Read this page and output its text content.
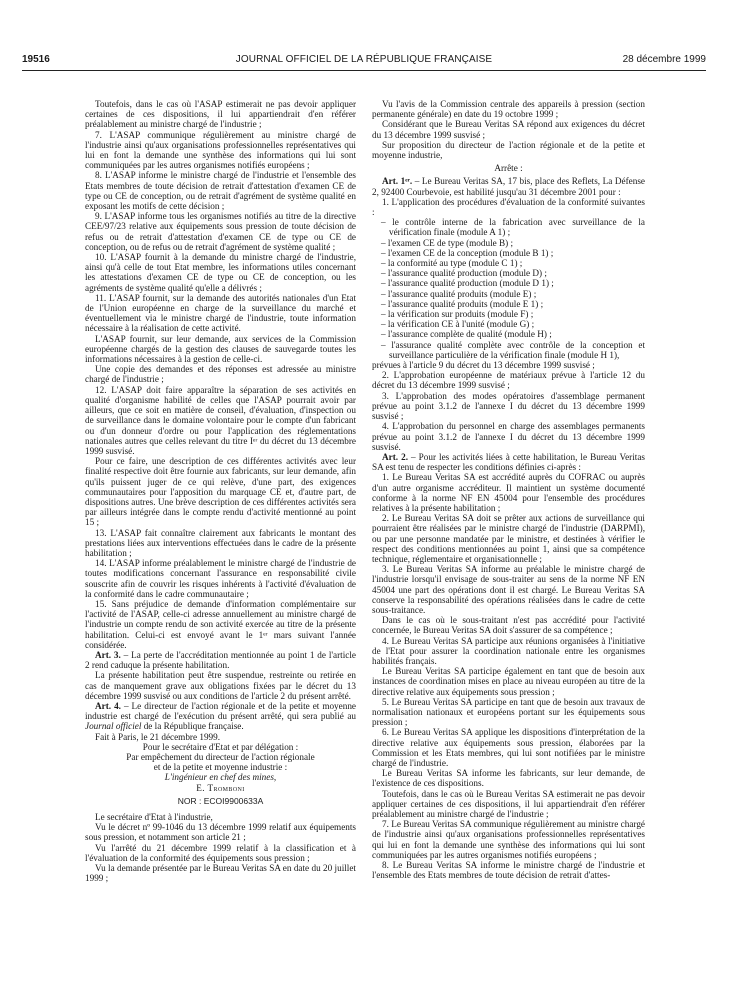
19516	JOURNAL OFFICIEL DE LA RÉPUBLIQUE FRANÇAISE	28 décembre 1999

Toutefois, dans le cas où l'ASAP estimerait ne pas devoir appliquer certaines de ces dispositions, il lui appartiendrait d'en référer préalablement au ministre chargé de l'industrie ;

7. L'ASAP communique régulièrement au ministre chargé de l'industrie ainsi qu'aux organisations professionnelles représentatives qui lui en font la demande une synthèse des informations qui lui sont communiquées par les autres organismes notifiés européens ;

8. L'ASAP informe le ministre chargé de l'industrie et l'ensemble des Etats membres de toute décision de retrait d'attestation d'examen CE de type ou CE de conception, ou de retrait d'agrément de système qualité en exposant les motifs de cette décision ;

9. L'ASAP informe tous les organismes notifiés au titre de la directive CEE/97/23 relative aux équipements sous pression de toute décision de refus ou de retrait d'attestation d'examen CE de type ou CE de conception, ou de refus ou de retrait d'agrément de système qualité ;

10. L'ASAP fournit à la demande du ministre chargé de l'industrie, ainsi qu'à celle de tout Etat membre, les informations utiles concernant les attestations d'examen CE de type ou CE de conception, ou les agréments de système qualité qu'elle a délivrés ;

11. L'ASAP fournit, sur la demande des autorités nationales d'un Etat de l'Union européenne en charge de la surveillance du marché et éventuellement via le ministre chargé de l'industrie, toute information nécessaire à la réalisation de cette activité.

L'ASAP fournit, sur leur demande, aux services de la Commission européenne chargés de la gestion des clauses de sauvegarde toutes les informations nécessaires à la gestion de celle-ci.

Une copie des demandes et des réponses est adressée au ministre chargé de l'industrie ;

12. L'ASAP doit faire apparaître la séparation de ses activités en qualité d'organisme habilité de celles que l'ASAP pourrait avoir par ailleurs, que ce soit en matière de conseil, d'évaluation, d'inspection ou de surveillance dans le domaine volontaire pour le compte d'un fabricant ou d'un donneur d'ordre ou pour l'application des réglementations nationales autres que celles relevant du titre Iᵉʳ du décret du 13 décembre 1999 susvisé.

Pour ce faire, une description de ces différentes activités avec leur finalité respective doit être fournie aux fabricants, sur leur demande, afin qu'ils puissent juger de ce qui relève, d'une part, des exigences communautaires pour l'apposition du marquage CE et, d'autre part, de dispositions autres. Une brève description de ces différentes activités sera par ailleurs intégrée dans le compte rendu d'activité mentionné au point 15 ;

13. L'ASAP fait connaître clairement aux fabricants le montant des prestations liées aux interventions effectuées dans le cadre de la présente habilitation ;

14. L'ASAP informe préalablement le ministre chargé de l'industrie de toutes modifications concernant l'assurance en responsabilité civile souscrite afin de couvrir les risques inhérents à l'activité d'évaluation de la conformité dans le cadre communautaire ;

15. Sans préjudice de demande d'information complémentaire sur l'activité de l'ASAP, celle-ci adresse annuellement au ministre chargé de l'industrie un compte rendu de son activité exercée au titre de la présente habilitation. Celui-ci est envoyé avant le 1ᵉʳ mars suivant l'année considérée.

Art. 3. – La perte de l'accréditation mentionnée au point 1 de l'article 2 rend caduque la présente habilitation.

La présente habilitation peut être suspendue, restreinte ou retirée en cas de manquement grave aux obligations fixées par le décret du 13 décembre 1999 susvisé ou aux conditions de l'article 2 du présent arrêté.

Art. 4. – Le directeur de l'action régionale et de la petite et moyenne industrie est chargé de l'exécution du présent arrêté, qui sera publié au Journal officiel de la République française.

Fait à Paris, le 21 décembre 1999.

Pour le secrétaire d'Etat et par délégation :

Par empêchement du directeur de l'action régionale

et de la petite et moyenne industrie :

L'ingénieur en chef des mines,

E. Tromboni

NOR : ECOI9900633A

Le secrétaire d'Etat à l'industrie,

Vu le décret nº 99-1046 du 13 décembre 1999 relatif aux équipements sous pression, et notamment son article 21 ;

Vu l'arrêté du 21 décembre 1999 relatif à la classification et à l'évaluation de la conformité des équipements sous pression ;

Vu la demande présentée par le Bureau Veritas SA en date du 20 juillet 1999 ;

Vu l'avis de la Commission centrale des appareils à pression (section permanente générale) en date du 19 octobre 1999 ;

Considérant que le Bureau Veritas SA répond aux exigences du décret du 13 décembre 1999 susvisé ;

Sur proposition du directeur de l'action régionale et de la petite et moyenne industrie,

Arrête :

Art. 1ᵉʳ. – Le Bureau Veritas SA, 17 bis, place des Reflets, La Défense 2, 92400 Courbevoie, est habilité jusqu'au 31 décembre 2001 pour :

1. L'application des procédures d'évaluation de la conformité suivantes :

– le contrôle interne de la fabrication avec surveillance de la vérification finale (module A 1) ;
– l'examen CE de type (module B) ;
– l'examen CE de la conception (module B 1) ;
– la conformité au type (module C 1) ;
– l'assurance qualité production (module D) ;
– l'assurance qualité production (module D 1) ;
– l'assurance qualité produits (module E) ;
– l'assurance qualité produits (module E 1) ;
– la vérification sur produits (module F) ;
– la vérification CE à l'unité (module G) ;
– l'assurance complète de qualité (module H) ;
– l'assurance qualité complète avec contrôle de la conception et surveillance particulière de la vérification finale (module H 1),

prévues à l'article 9 du décret du 13 décembre 1999 susvisé ;

2. L'approbation européenne de matériaux prévue à l'article 12 du décret du 13 décembre 1999 susvisé ;

3. L'approbation des modes opératoires d'assemblage permanent prévue au point 3.1.2 de l'annexe I du décret du 13 décembre 1999 susvisé ;

4. L'approbation du personnel en charge des assemblages permanents prévue au point 3.1.2 de l'annexe I du décret du 13 décembre 1999 susvisé.

Art. 2. – Pour les activités liées à cette habilitation, le Bureau Veritas SA est tenu de respecter les conditions définies ci-après :

1. Le Bureau Veritas SA est accrédité auprès du COFRAC ou auprès d'un autre organisme accréditeur. Il maintient un système documenté conforme à la norme NF EN 45004 pour l'ensemble des procédures relatives à la présente habilitation ;

2. Le Bureau Veritas SA doit se prêter aux actions de surveillance qui pourraient être réalisées par le ministre chargé de l'industrie (DARPMI), ou par une personne mandatée par le ministre, et destinées à vérifier le respect des conditions mentionnées au point 1, ainsi que sa compétence technique, réglementaire et organisationnelle ;

3. Le Bureau Veritas SA informe au préalable le ministre chargé de l'industrie lorsqu'il envisage de sous-traiter au sens de la norme NF EN 45004 une part des opérations dont il est chargé. Le Bureau Veritas SA conserve la responsabilité des opérations réalisées dans le cadre de cette sous-traitance.

Dans le cas où le sous-traitant n'est pas accrédité pour l'activité concernée, le Bureau Veritas SA doit s'assurer de sa compétence ;

4. Le Bureau Veritas SA participe aux réunions organisées à l'initiative de l'Etat pour assurer la coordination nationale entre les organismes habilités français.

Le Bureau Veritas SA participe également en tant que de besoin aux instances de coordination mises en place au niveau européen au titre de la directive relative aux équipements sous pression ;

5. Le Bureau Veritas SA participe en tant que de besoin aux travaux de normalisation nationaux et européens portant sur les équipements sous pression ;

6. Le Bureau Veritas SA applique les dispositions d'interprétation de la directive relative aux équipements sous pression, élaborées par la Commission et les Etats membres, qui lui sont notifiées par le ministre chargé de l'industrie.

Le Bureau Veritas SA informe les fabricants, sur leur demande, de l'existence de ces dispositions.

Toutefois, dans le cas où le Bureau Veritas SA estimerait ne pas devoir appliquer certaines de ces dispositions, il lui appartiendrait d'en référer préalablement au ministre chargé de l'industrie ;

7. Le Bureau Veritas SA communique régulièrement au ministre chargé de l'industrie ainsi qu'aux organisations professionnelles représentatives qui lui en font la demande une synthèse des informations qui lui sont communiquées par les autres organismes notifiés européens ;

8. Le Bureau Veritas SA informe le ministre chargé de l'industrie et l'ensemble des Etats membres de toute décision de retrait d'attes-
